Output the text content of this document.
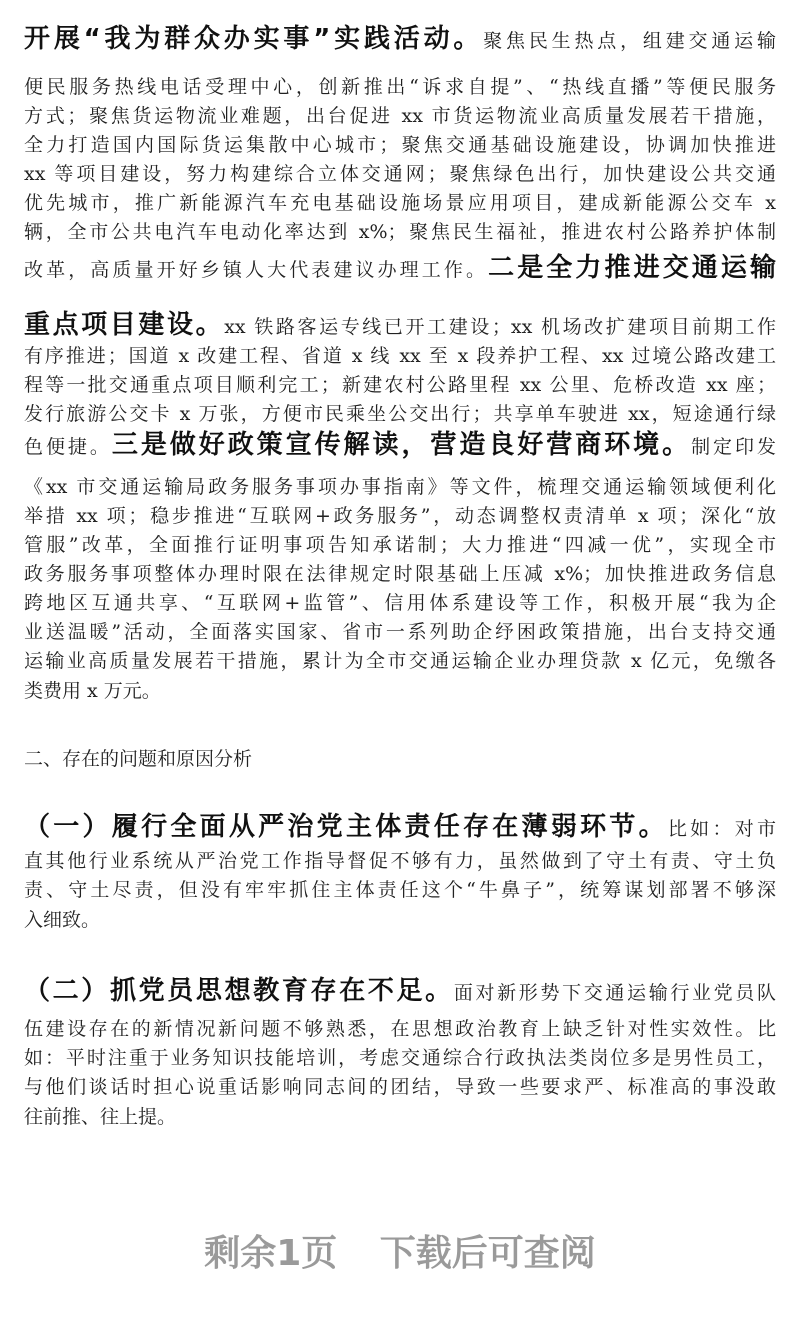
开展“我为群众办实事”实践活动。聚焦民生热点，组建交通运输
便民服务热线电话受理中心，创新推出“诉求自提”、“热线直播”等便民服务
方式；聚焦货运物流业难题，出台促进 xx 市货运物流业高质量发展若干措施，
全力打造国内国际货运集散中心城市；聚焦交通基础设施建设，协调加快推进
xx 等项目建设，努力构建综合立体交通网；聚焦绿色出行，加快建设公共交通
优先城市，推广新能源汽车充电基础设施场景应用项目，建成新能源公交车 x
辆，全市公共电汽车电动化率达到 x%；聚焦民生福祉，推进农村公路养护体制
改革，高质量开好乡镇人大代表建议办理工作。二是全力推进交通运输
重点项目建设。xx 铁路客运专线已开工建设；xx 机场改扩建项目前期工作
有序推进；国道 x 改建工程、省道 x 线 xx 至 x 段养护工程、xx 过境公路改建工
程等一批交通重点项目顺利完工；新建农村公路里程 xx 公里、危桥改造 xx 座；
发行旅游公交卡 x 万张，方便市民乘坐公交出行；共享单车驶进 xx，短途通行绿
色便捷。三是做好政策宣传解读，营造良好营商环境。制定印发
《xx 市交通运输局政务服务事项办事指南》等文件，梳理交通运输领域便利化
举措 xx 项；稳步推进“互联网+政务服务”，动态调整权责清单 x 项；深化“放
管服”改革，全面推行证明事项告知承诺制；大力推进“四减一优”，实现全市
政务服务事项整体办理时限在法律规定时限基础上压减 x%；加快推进政务信息
跨地区互通共享、“互联网+监管”、信用体系建设等工作，积极开展“我为企
业送温暖”活动，全面落实国家、省市一系列助企纾困政策措施，出台支持交通
运输业高质量发展若干措施，累计为全市交通运输企业办理贷款 x 亿元，免缴各
类费用 x 万元。
二、存在的问题和原因分析
（一）履行全面从严治党主体责任存在薄弱环节。比如：对市
直其他行业系统从严治党工作指导督促不够有力，虽然做到了守土有责、守土负
责、守土尽责，但没有牢牢抓住主体责任这个“牛鼻子”，统筹谋划部署不够深
入细致。
（二）抓党员思想教育存在不足。面对新形势下交通运输行业党员队
伍建设存在的新情况新问题不够熟悉，在思想政治教育上缺乏针对性实效性。比
如：平时注重于业务知识技能培训，考虑交通综合行政执法类岗位多是男性员工，
与他们谈话时担心说重话影响同志间的团结，导致一些要求严、标准高的事没敢
往前推、往上提。
剩余1页 下载后可查阅
